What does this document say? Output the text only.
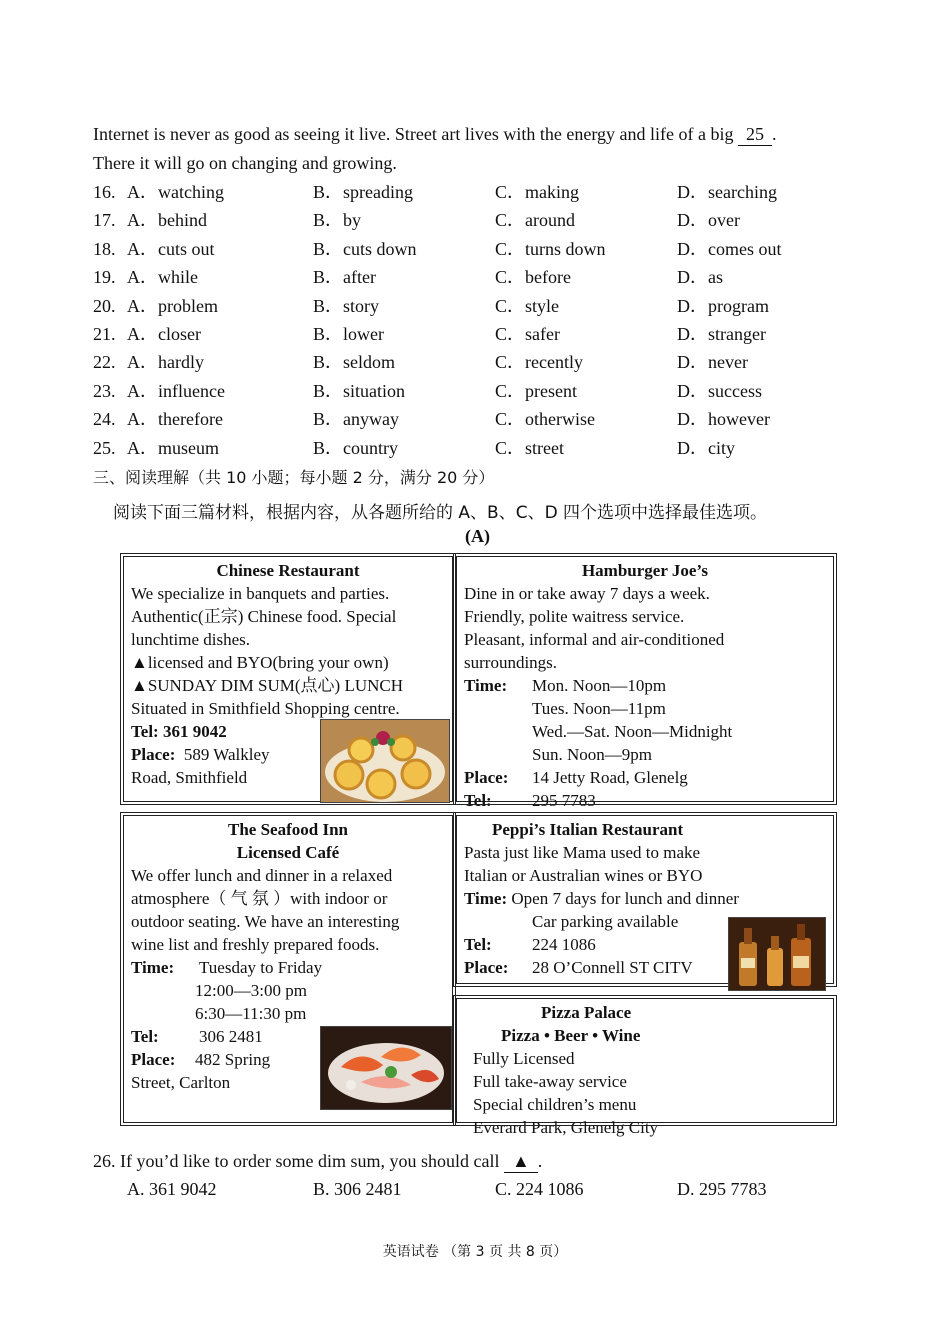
Internet is never as good as seeing it live. Street art lives with the energy and life of a big 25 .
There it will go on changing and growing.
16. A．watching	B．spreading	C．making	D．searching
17. A．behind	B．by	C．around	D．over
18. A．cuts out	B．cuts down	C．turns down	D．comes out
19. A．while	B．after	C．before	D．as
20. A．problem	B．story	C．style	D．program
21. A．closer	B．lower	C．safer	D．stranger
22. A．hardly	B．seldom	C．recently	D．never
23. A．influence	B．situation	C．present	D．success
24. A．therefore	B．anyway	C．otherwise	D．however
25. A．museum	B．country	C．street	D．city
三、阅读理解（共 10 小题；每小题 2 分，满分 20 分）
阅读下面三篇材料，根据内容，从各题所给的 A、B、C、D 四个选项中选择最佳选项。
(A)
Chinese Restaurant
We specialize in banquets and parties.
Authentic(正宗) Chinese food. Special
lunchtime dishes.
▲licensed and BYO(bring your own)
▲SUNDAY DIM SUM(点心) LUNCH
Situated in Smithfield Shopping centre.
Tel: 361 9042
Place: 589 Walkley
Road, Smithfield
Hamburger Joe’s
Dine in or take away 7 days a week.
Friendly, polite waitress service.
Pleasant, informal and air-conditioned
surroundings.
Time: Mon. Noon—10pm
Tues. Noon—11pm
Wed.—Sat. Noon—Midnight
Sun. Noon—9pm
Place: 14 Jetty Road, Glenelg
Tel: 295 7783
The Seafood Inn
Licensed Café
We offer lunch and dinner in a relaxed
atmosphere（ 气 氛 ）with indoor or
outdoor seating. We have an interesting
wine list and freshly prepared foods.
Time: Tuesday to Friday
12:00—3:00 pm
6:30—11:30 pm
Tel: 306 2481
Place: 482 Spring
Street, Carlton
Peppi’s Italian Restaurant
Pasta just like Mama used to make
Italian or Australian wines or BYO
Time: Open 7 days for lunch and dinner
Car parking available
Tel: 224 1086
Place: 28 O’Connell ST CITV
Pizza Palace
Pizza • Beer • Wine
Fully Licensed
Full take-away service
Special children’s menu
Everard Park, Glenelg City
26. If you’d like to order some dim sum, you should call ▲ .
A. 361 9042	B. 306 2481	C. 224 1086	D. 295 7783
英语试卷 （第 3 页 共 8 页）
